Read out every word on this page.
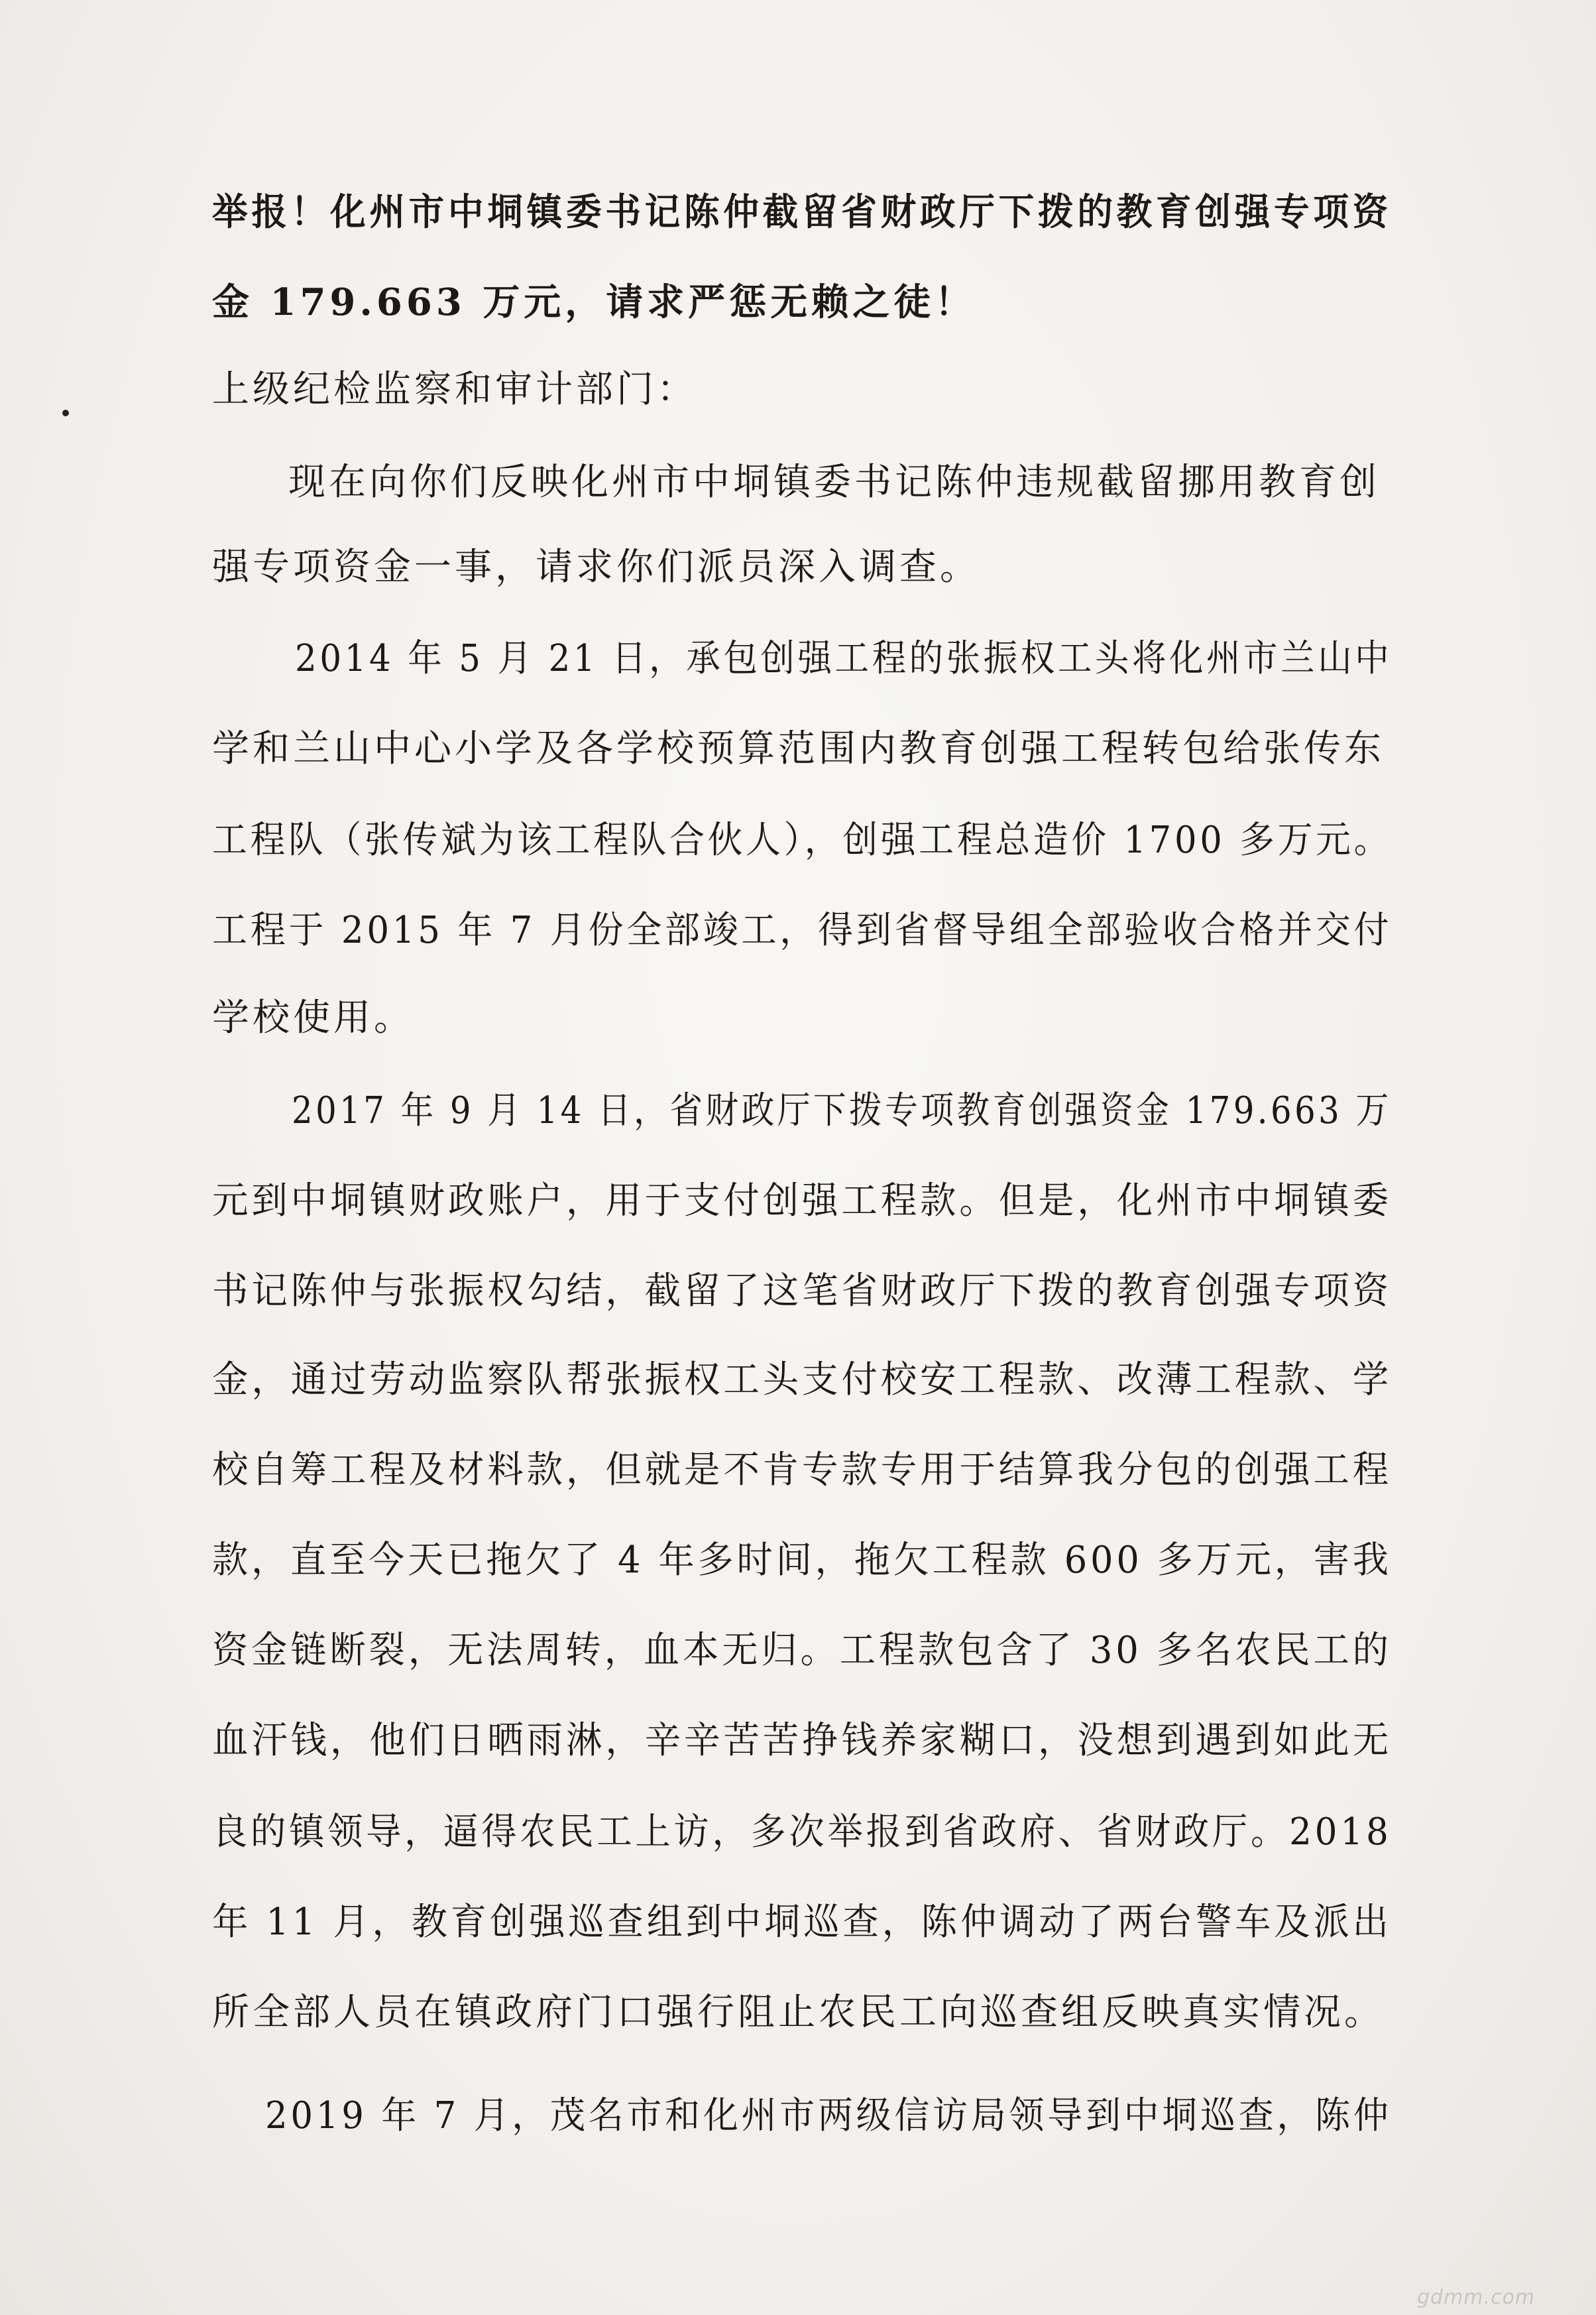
举报！化州市中垌镇委书记陈仲截留省财政厅下拨的教育创强专项资
金 179.663 万元，请求严惩无赖之徒！
上级纪检监察和审计部门：
现在向你们反映化州市中垌镇委书记陈仲违规截留挪用教育创
强专项资金一事，请求你们派员深入调查。
2014 年 5 月 21 日，承包创强工程的张振权工头将化州市兰山中
学和兰山中心小学及各学校预算范围内教育创强工程转包给张传东
工程队（张传斌为该工程队合伙人），创强工程总造价 1700 多万元。
工程于 2015 年 7 月份全部竣工，得到省督导组全部验收合格并交付
学校使用。
2017 年 9 月 14 日，省财政厅下拨专项教育创强资金 179.663 万
元到中垌镇财政账户，用于支付创强工程款。但是，化州市中垌镇委
书记陈仲与张振权勾结，截留了这笔省财政厅下拨的教育创强专项资
金，通过劳动监察队帮张振权工头支付校安工程款、改薄工程款、学
校自筹工程及材料款，但就是不肯专款专用于结算我分包的创强工程
款，直至今天已拖欠了 4 年多时间，拖欠工程款 600 多万元，害我
资金链断裂，无法周转，血本无归。工程款包含了 30 多名农民工的
血汗钱，他们日晒雨淋，辛辛苦苦挣钱养家糊口，没想到遇到如此无
良的镇领导，逼得农民工上访，多次举报到省政府、省财政厅。2018
年 11 月，教育创强巡查组到中垌巡查，陈仲调动了两台警车及派出
所全部人员在镇政府门口强行阻止农民工向巡查组反映真实情况。
2019 年 7 月，茂名市和化州市两级信访局领导到中垌巡查，陈仲
gdmm.com
